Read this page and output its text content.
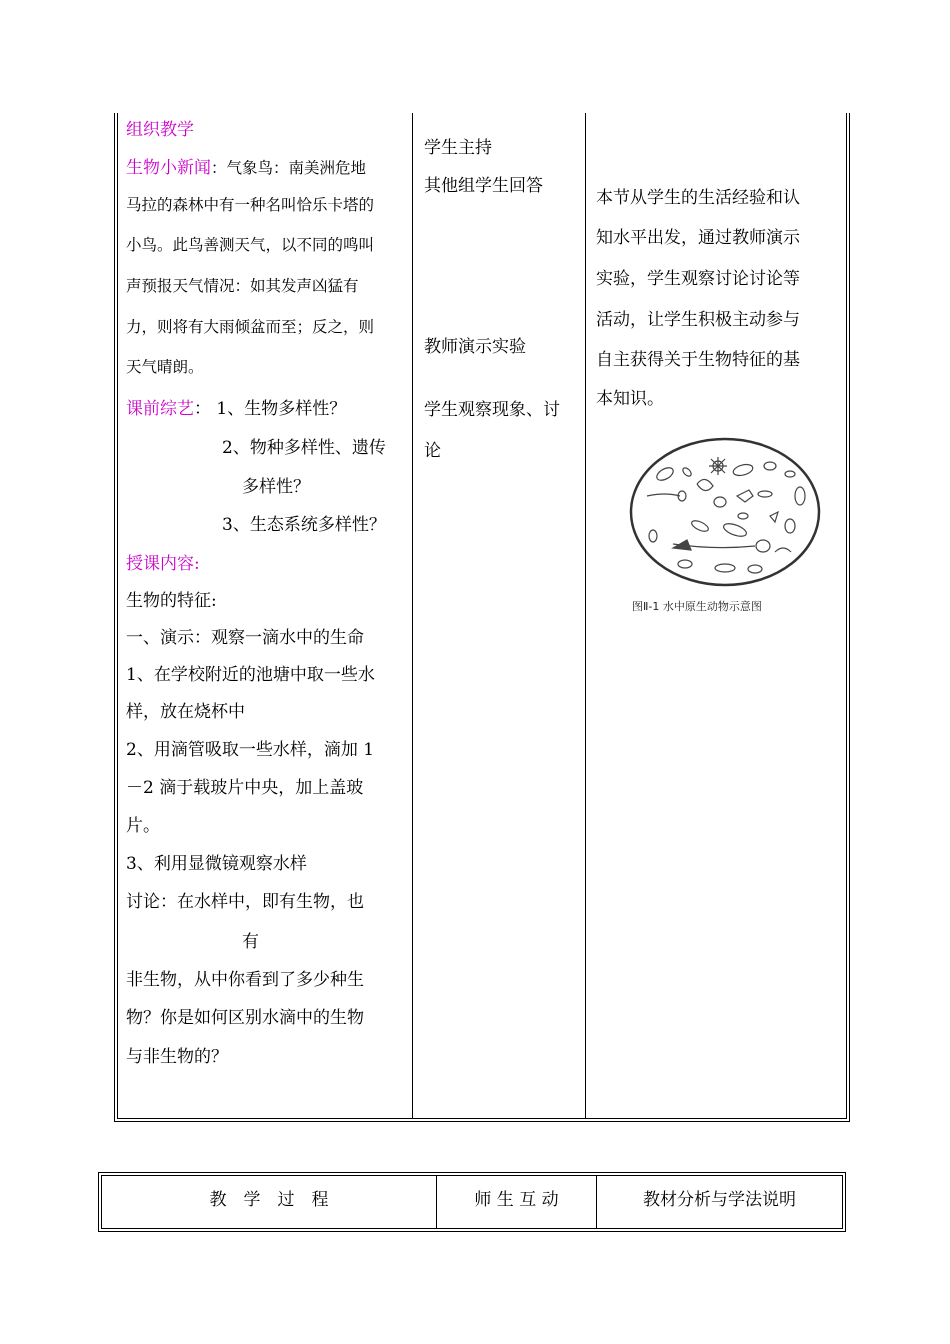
组织教学
生物小新闻：气象鸟：南美洲危地
马拉的森林中有一种名叫恰乐卡塔的
小鸟。此鸟善测天气，以不同的鸣叫
声预报天气情况：如其发声凶猛有
力，则将有大雨倾盆而至；反之，则
天气晴朗。
课前综艺： 1、生物多样性？
2、物种多样性、遗传
多样性？
3、生态系统多样性？
授课内容:
生物的特征:
一、演示：观察一滴水中的生命
1、在学校附近的池塘中取一些水
样，放在烧杯中
2、用滴管吸取一些水样，滴加 1
－2 滴于载玻片中央，加上盖玻
片。
3、利用显微镜观察水样
讨论：在水样中，即有生物，也
有
非生物，从中你看到了多少种生
物？你是如何区别水滴中的生物
与非生物的？
学生主持
其他组学生回答
教师演示实验
学生观察现象、讨
论
本节从学生的生活经验和认
知水平出发，通过教师演示
实验，学生观察讨论讨论等
活动，让学生积极主动参与
自主获得关于生物特征的基
本知识。
图Ⅱ-1 水中原生动物示意图
教　学　过　程	师 生 互 动	教材分析与学法说明
